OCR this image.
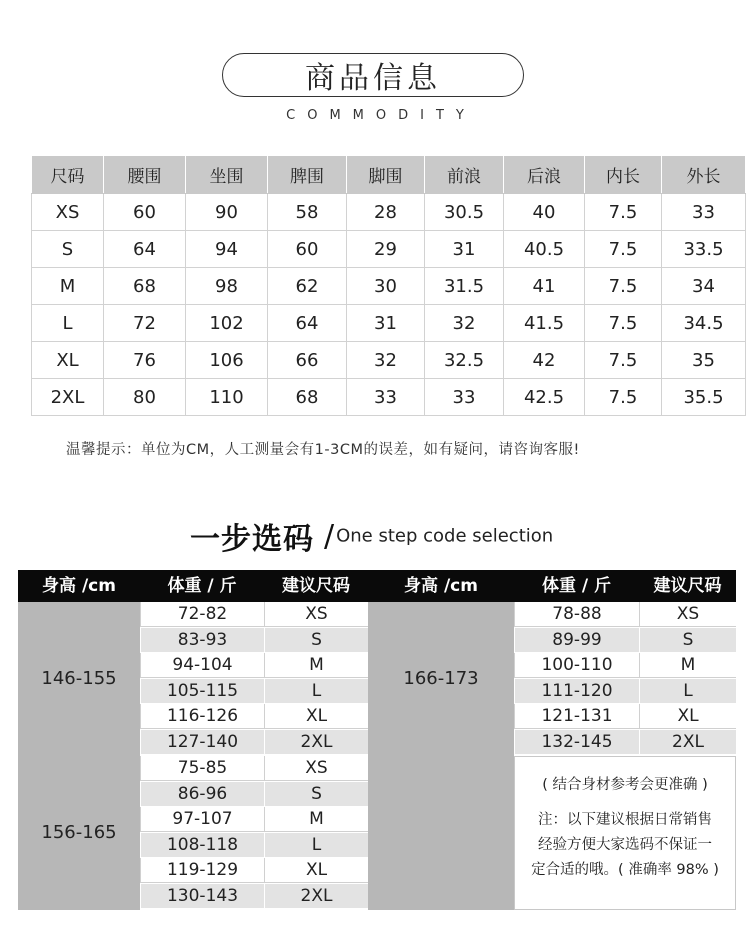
商品信息
COMMODITY
尺码	腰围	坐围	脾围	脚围	前浪	后浪	内长	外长
XS	60	90	58	28	30.5	40	7.5	33
S	64	94	60	29	31	40.5	7.5	33.5
M	68	98	62	30	31.5	41	7.5	34
L	72	102	64	31	32	41.5	7.5	34.5
XL	76	106	66	32	32.5	42	7.5	35
2XL	80	110	68	33	33	42.5	7.5	35.5
温馨提示：单位为CM，人工测量会有1-3CM的误差，如有疑问，请咨询客服!
一步选码 / One step code selection
身高 /cm	体重 / 斤	建议尺码	身高 /cm	体重 / 斤	建议尺码
( 结合身材参考会更准确 )
注：以下建议根据日常销售
经验方便大家选码不保证一
定合适的哦。( 准确率 98% )
146-155
72-82	XS
83-93	S
94-104	M
105-115	L
116-126	XL
127-140	2XL
166-173
78-88	XS
89-99	S
100-110	M
111-120	L
121-131	XL
132-145	2XL
156-165
75-85	XS
86-96	S
97-107	M
108-118	L
119-129	XL
130-143	2XL
